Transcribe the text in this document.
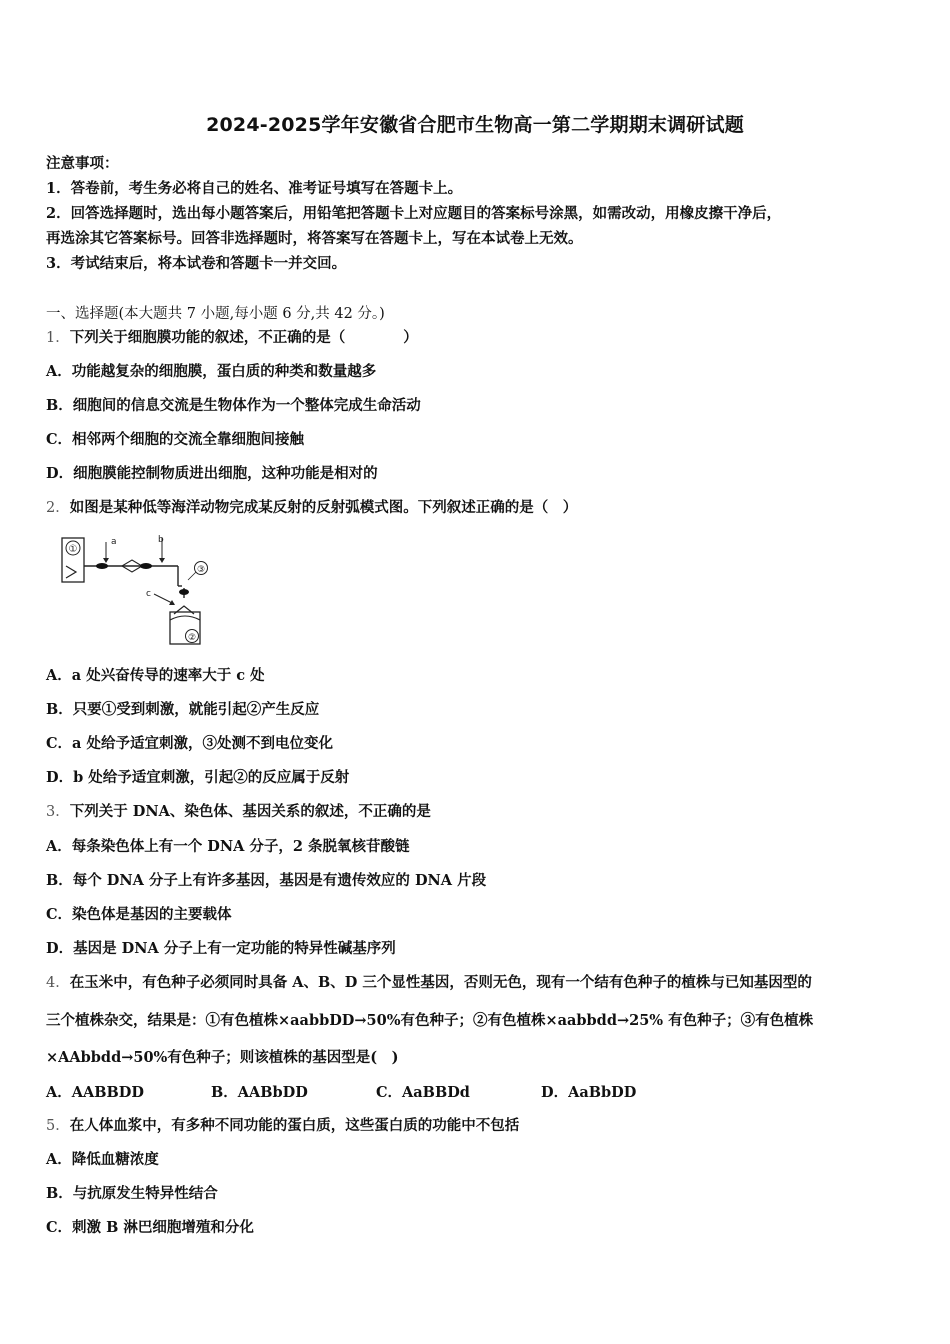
2024-2025学年安徽省合肥市生物高一第二学期期末调研试题
注意事项：
1．答卷前，考生务必将自己的姓名、准考证号填写在答题卡上。
2．回答选择题时，选出每小题答案后，用铅笔把答题卡上对应题目的答案标号涂黑，如需改动，用橡皮擦干净后，
再选涂其它答案标号。回答非选择题时，将答案写在答题卡上，写在本试卷上无效。
3．考试结束后，将本试卷和答题卡一并交回。
一、选择题(本大题共 7 小题,每小题 6 分,共 42 分。)
1．下列关于细胞膜功能的叙述，不正确的是（　　　　）
A．功能越复杂的细胞膜，蛋白质的种类和数量越多
B．细胞间的信息交流是生物体作为一个整体完成生命活动
C．相邻两个细胞的交流全靠细胞间接触
D．细胞膜能控制物质进出细胞，这种功能是相对的
2．如图是某种低等海洋动物完成某反射的反射弧模式图。下列叙述正确的是（　）
①
a	b
③
c
②
A．a 处兴奋传导的速率大于 c 处
B．只要①受到刺激，就能引起②产生反应
C．a 处给予适宜刺激，③处测不到电位变化
D．b 处给予适宜刺激，引起②的反应属于反射
3．下列关于 DNA、染色体、基因关系的叙述，不正确的是
A．每条染色体上有一个 DNA 分子，2 条脱氧核苷酸链
B．每个 DNA 分子上有许多基因，基因是有遗传效应的 DNA 片段
C．染色体是基因的主要载体
D．基因是 DNA 分子上有一定功能的特异性碱基序列
4．在玉米中，有色种子必须同时具备 A、B、D 三个显性基因，否则无色，现有一个结有色种子的植株与已知基因型的
三个植株杂交，结果是：①有色植株×aabbDD→50%有色种子；②有色植株×aabbdd→25% 有色种子；③有色植株
×AAbbdd→50%有色种子；则该植株的基因型是(　)
A．AABBDD	B．AABbDD	C．AaBBDd	D．AaBbDD
5．在人体血浆中，有多种不同功能的蛋白质，这些蛋白质的功能中不包括
A．降低血糖浓度
B．与抗原发生特异性结合
C．刺激 B 淋巴细胞增殖和分化
